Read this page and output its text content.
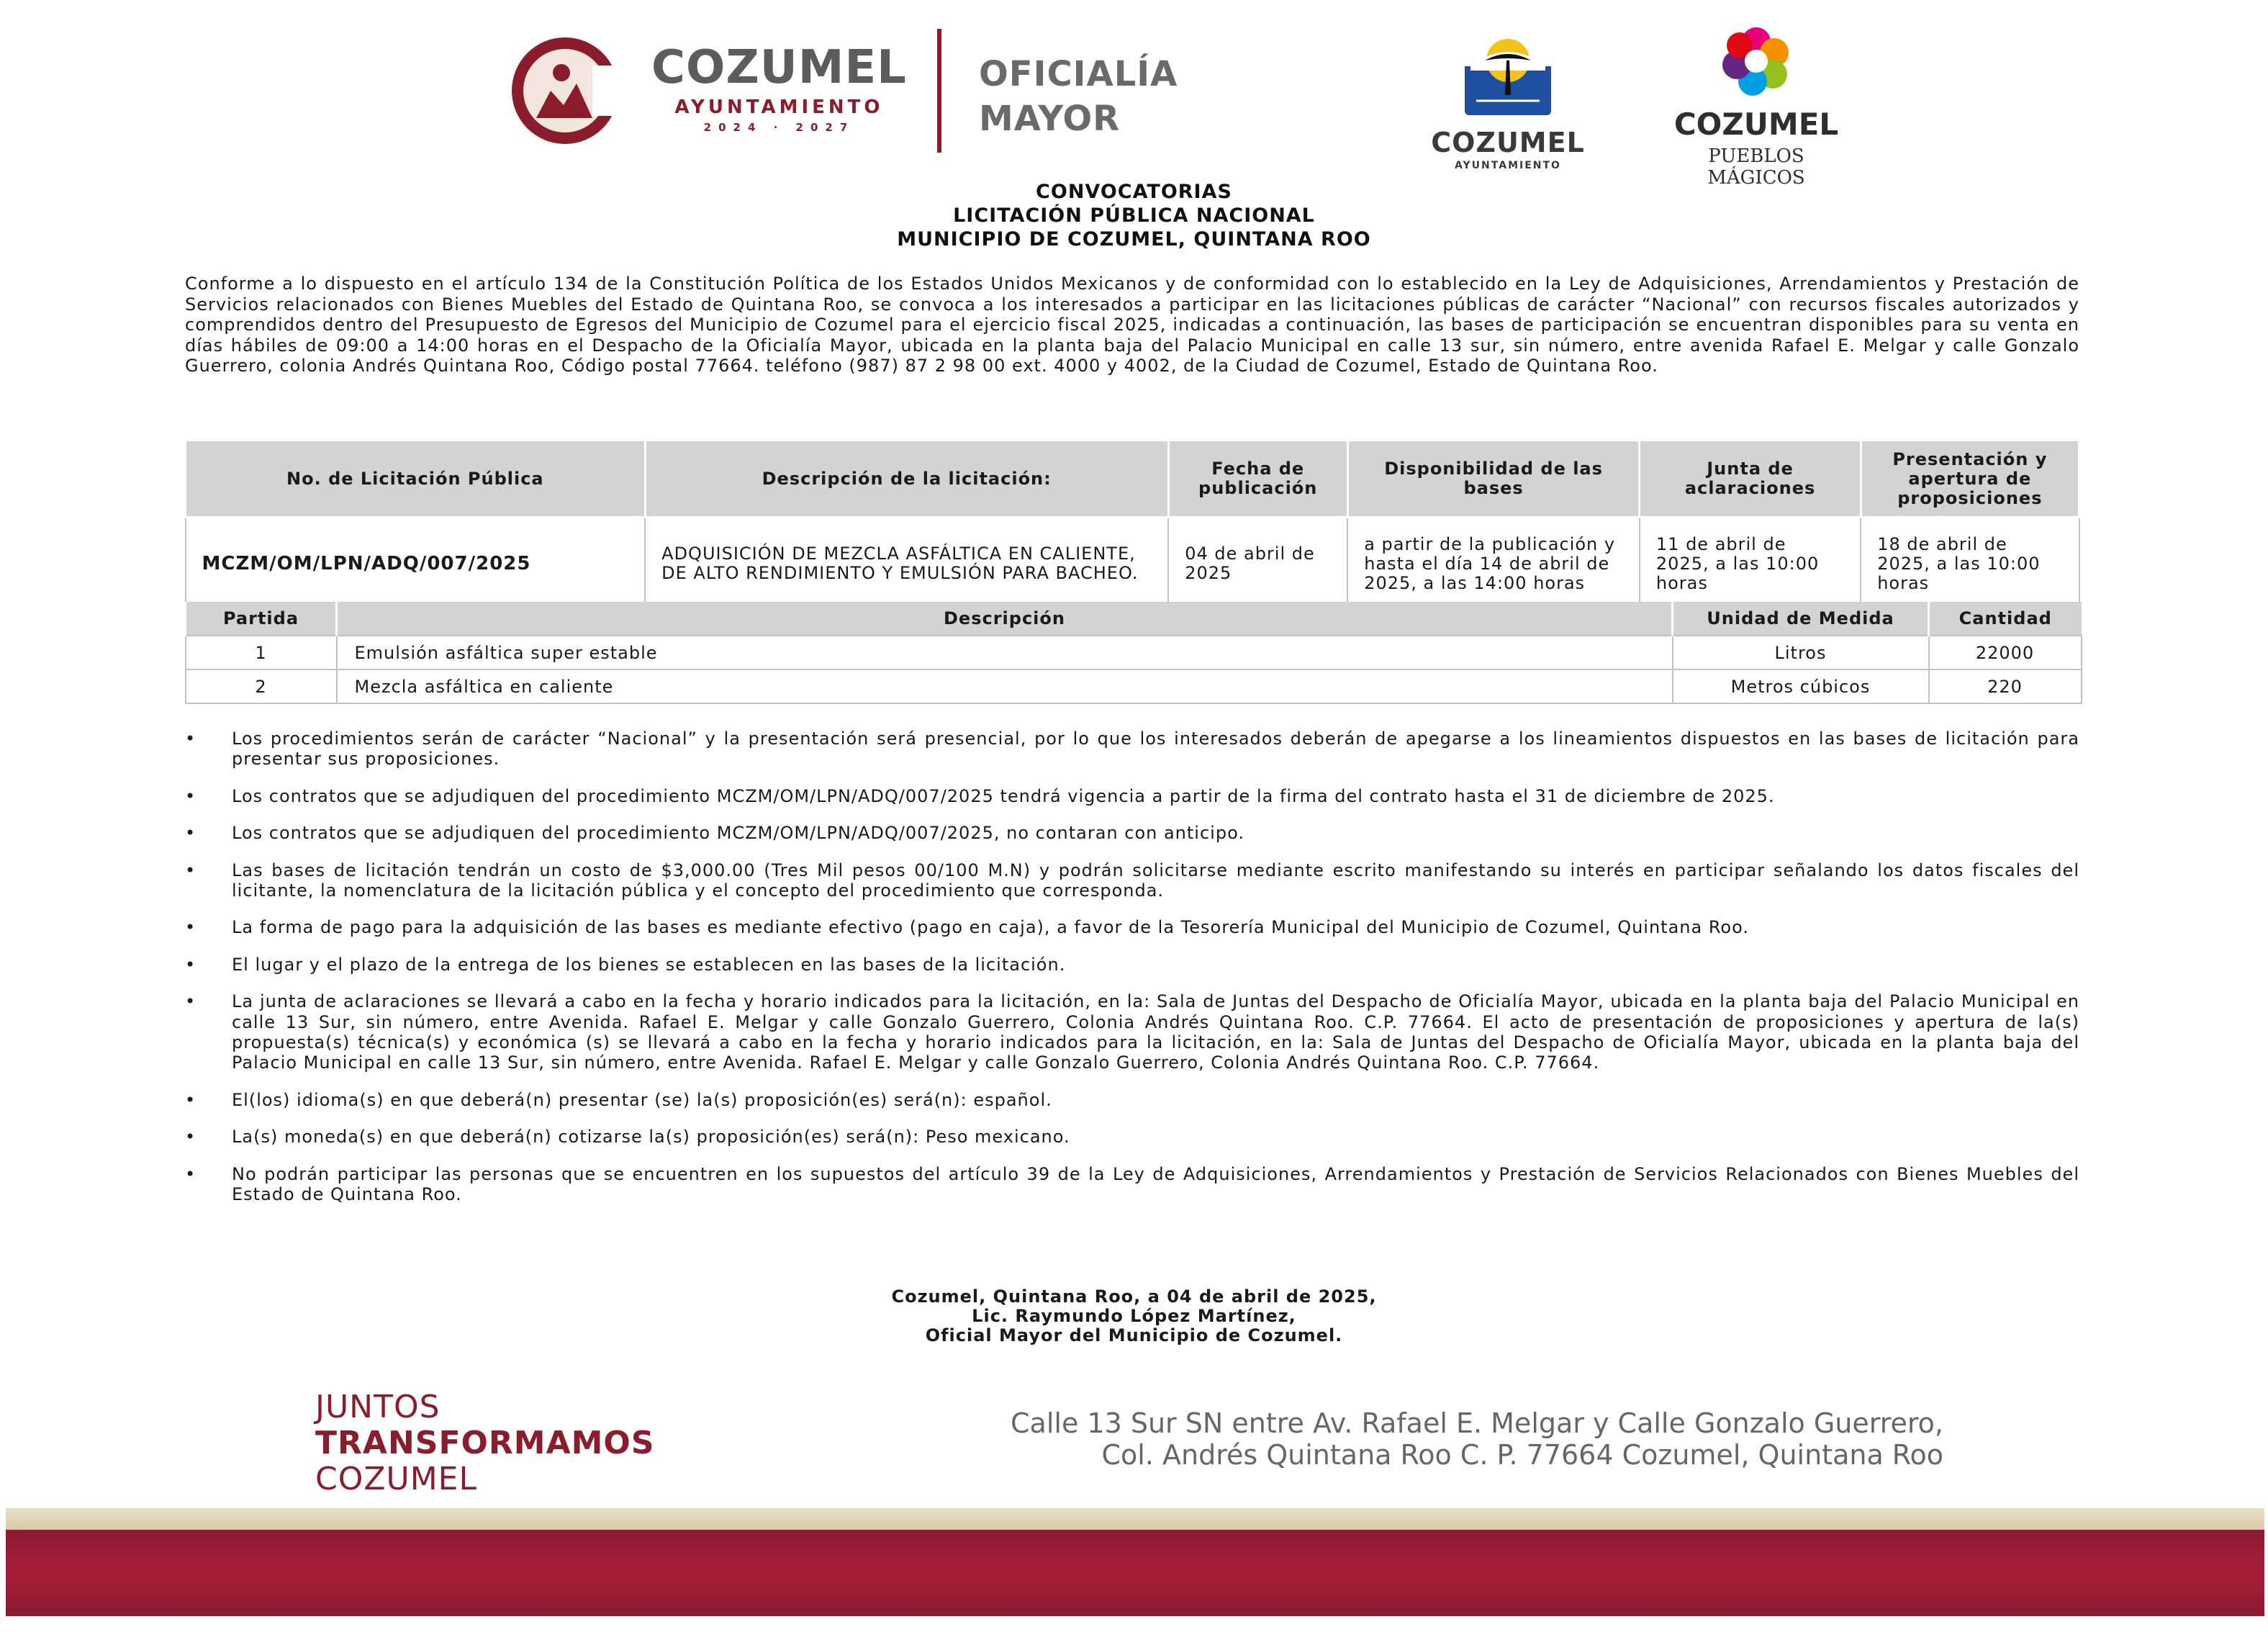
COZUMEL
AYUNTAMIENTO
2024 · 2027
OFICIALÍA
MAYOR
COZUMEL
AYUNTAMIENTO
COZUMEL
PUEBLOS MÁGICOS
CONVOCATORIAS
LICITACIÓN PÚBLICA NACIONAL
MUNICIPIO DE COZUMEL, QUINTANA ROO
Conforme a lo dispuesto en el artículo 134 de la Constitución Política de los Estados Unidos Mexicanos y de conformidad con lo establecido en la Ley de Adquisiciones, Arrendamientos y Prestación de Servicios relacionados con Bienes Muebles del Estado de Quintana Roo, se convoca a los interesados a participar en las licitaciones públicas de carácter “Nacional” con recursos fiscales autorizados y comprendidos dentro del Presupuesto de Egresos del Municipio de Cozumel para el ejercicio fiscal 2025, indicadas a continuación, las bases de participación se encuentran disponibles para su venta en días hábiles de 09:00 a 14:00 horas en el Despacho de la Oficialía Mayor, ubicada en la planta baja del Palacio Municipal en calle 13 sur, sin número, entre avenida Rafael E. Melgar y calle Gonzalo Guerrero, colonia Andrés Quintana Roo, Código postal 77664. teléfono (987) 87 2 98 00 ext. 4000 y 4002, de la Ciudad de Cozumel, Estado de Quintana Roo.
No. de Licitación Pública	Descripción de la licitación:	Fecha de publicación	Disponibilidad de las bases	Junta de aclaraciones	Presentación y apertura de proposiciones
MCZM/OM/LPN/ADQ/007/2025	ADQUISICIÓN DE MEZCLA ASFÁLTICA EN CALIENTE, DE ALTO RENDIMIENTO Y EMULSIÓN PARA BACHEO.	04 de abril de 2025	a partir de la publicación y hasta el día 14 de abril de 2025, a las 14:00 horas	11 de abril de 2025, a las 10:00 horas	18 de abril de 2025, a las 10:00 horas
Partida	Descripción	Unidad de Medida	Cantidad
1	Emulsión asfáltica super estable	Litros	22000
2	Mezcla asfáltica en caliente	Metros cúbicos	220
• Los procedimientos serán de carácter “Nacional” y la presentación será presencial, por lo que los interesados deberán de apegarse a los lineamientos dispuestos en las bases de licitación para presentar sus proposiciones.
• Los contratos que se adjudiquen del procedimiento MCZM/OM/LPN/ADQ/007/2025 tendrá vigencia a partir de la firma del contrato hasta el 31 de diciembre de 2025.
• Los contratos que se adjudiquen del procedimiento MCZM/OM/LPN/ADQ/007/2025, no contaran con anticipo.
• Las bases de licitación tendrán un costo de $3,000.00 (Tres Mil pesos 00/100 M.N) y podrán solicitarse mediante escrito manifestando su interés en participar señalando los datos fiscales del licitante, la nomenclatura de la licitación pública y el concepto del procedimiento que corresponda.
• La forma de pago para la adquisición de las bases es mediante efectivo (pago en caja), a favor de la Tesorería Municipal del Municipio de Cozumel, Quintana Roo.
• El lugar y el plazo de la entrega de los bienes se establecen en las bases de la licitación.
• La junta de aclaraciones se llevará a cabo en la fecha y horario indicados para la licitación, en la: Sala de Juntas del Despacho de Oficialía Mayor, ubicada en la planta baja del Palacio Municipal en calle 13 Sur, sin número, entre Avenida. Rafael E. Melgar y calle Gonzalo Guerrero, Colonia Andrés Quintana Roo. C.P. 77664. El acto de presentación de proposiciones y apertura de la(s) propuesta(s) técnica(s) y económica (s) se llevará a cabo en la fecha y horario indicados para la licitación, en la: Sala de Juntas del Despacho de Oficialía Mayor, ubicada en la planta baja del Palacio Municipal en calle 13 Sur, sin número, entre Avenida. Rafael E. Melgar y calle Gonzalo Guerrero, Colonia Andrés Quintana Roo. C.P. 77664.
• El(los) idioma(s) en que deberá(n) presentar (se) la(s) proposición(es) será(n): español.
• La(s) moneda(s) en que deberá(n) cotizarse la(s) proposición(es) será(n): Peso mexicano.
• No podrán participar las personas que se encuentren en los supuestos del artículo 39 de la Ley de Adquisiciones, Arrendamientos y Prestación de Servicios Relacionados con Bienes Muebles del Estado de Quintana Roo.
Cozumel, Quintana Roo, a 04 de abril de 2025,
Lic. Raymundo López Martínez,
Oficial Mayor del Municipio de Cozumel.
JUNTOS
TRANSFORMAMOS
COZUMEL
Calle 13 Sur SN entre Av. Rafael E. Melgar y Calle Gonzalo Guerrero,
Col. Andrés Quintana Roo C. P. 77664 Cozumel, Quintana Roo
